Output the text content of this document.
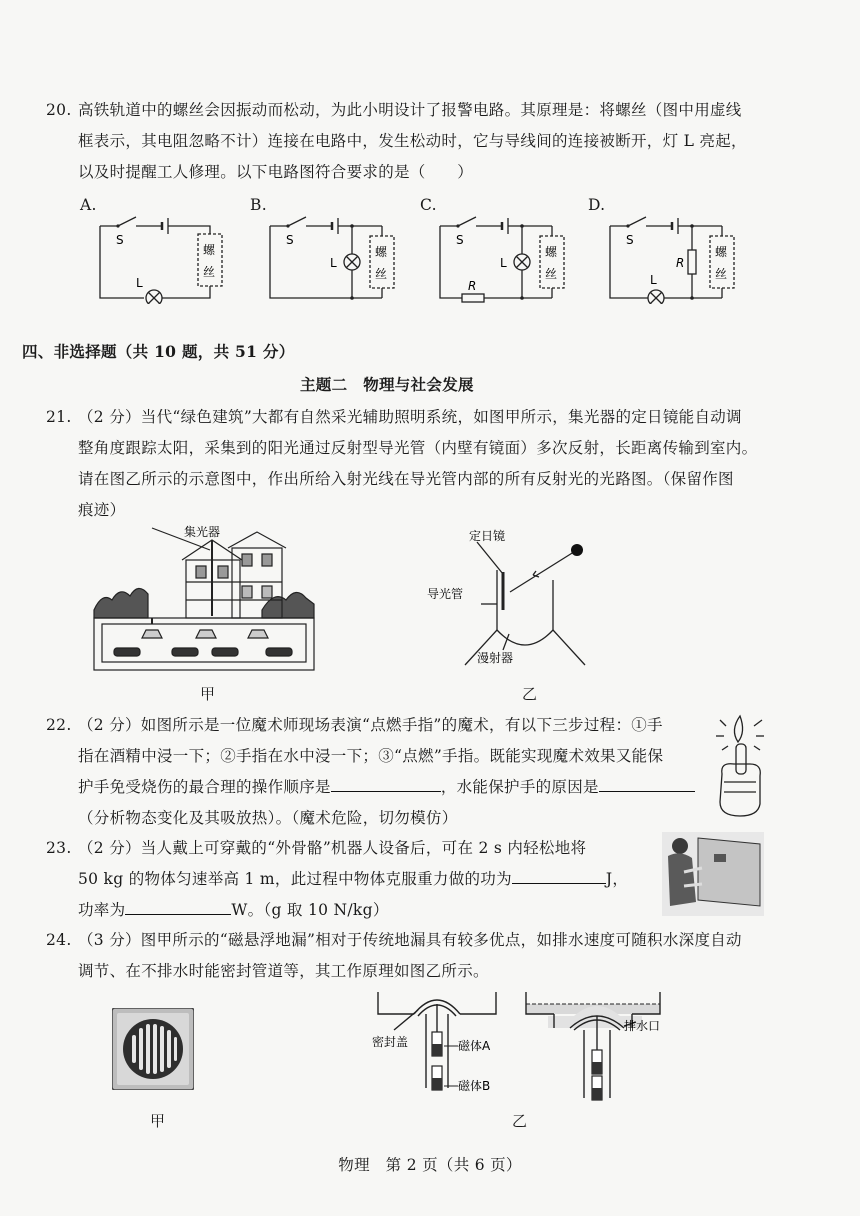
20. 高铁轨道中的螺丝会因振动而松动，为此小明设计了报警电路。其原理是：将螺丝（图中用虚线
框表示，其电阻忽略不计）连接在电路中，发生松动时，它与导线间的连接被断开，灯 L 亮起，
以及时提醒工人修理。以下电路图符合要求的是（　　）
A.	B.	C.	D.
S
L
螺
丝
S
L
螺
丝
S
L
R
螺
丝
S
L
R
螺
丝
四、非选择题（共 10 题，共 51 分）
主题二　物理与社会发展
21. （2 分）当代“绿色建筑”大都有自然采光辅助照明系统，如图甲所示，集光器的定日镜能自动调
整角度跟踪太阳，采集到的阳光通过反射型导光管（内壁有镜面）多次反射，长距离传输到室内。
请在图乙所示的示意图中，作出所给入射光线在导光管内部的所有反射光的光路图。（保留作图
痕迹）
集光器
甲
定日镜
导光管
漫射器
乙
22. （2 分）如图所示是一位魔术师现场表演“点燃手指”的魔术，有以下三步过程：①手
指在酒精中浸一下；②手指在水中浸一下；③“点燃”手指。既能实现魔术效果又能保
护手免受烧伤的最合理的操作顺序是	，水能保护手的原因是
（分析物态变化及其吸放热）。（魔术危险，切勿模仿）
23. （2 分）当人戴上可穿戴的“外骨骼”机器人设备后，可在 2 s 内轻松地将
50 kg 的物体匀速举高 1 m，此过程中物体克服重力做的功为	J，
功率为	W。（g 取 10 N/kg）
24. （3 分）图甲所示的“磁悬浮地漏”相对于传统地漏具有较多优点，如排水速度可随积水深度自动
调节、在不排水时能密封管道等，其工作原理如图乙所示。
甲
密封盖	磁体A
磁体B
乙
排水口
物理　第 2 页（共 6 页）
